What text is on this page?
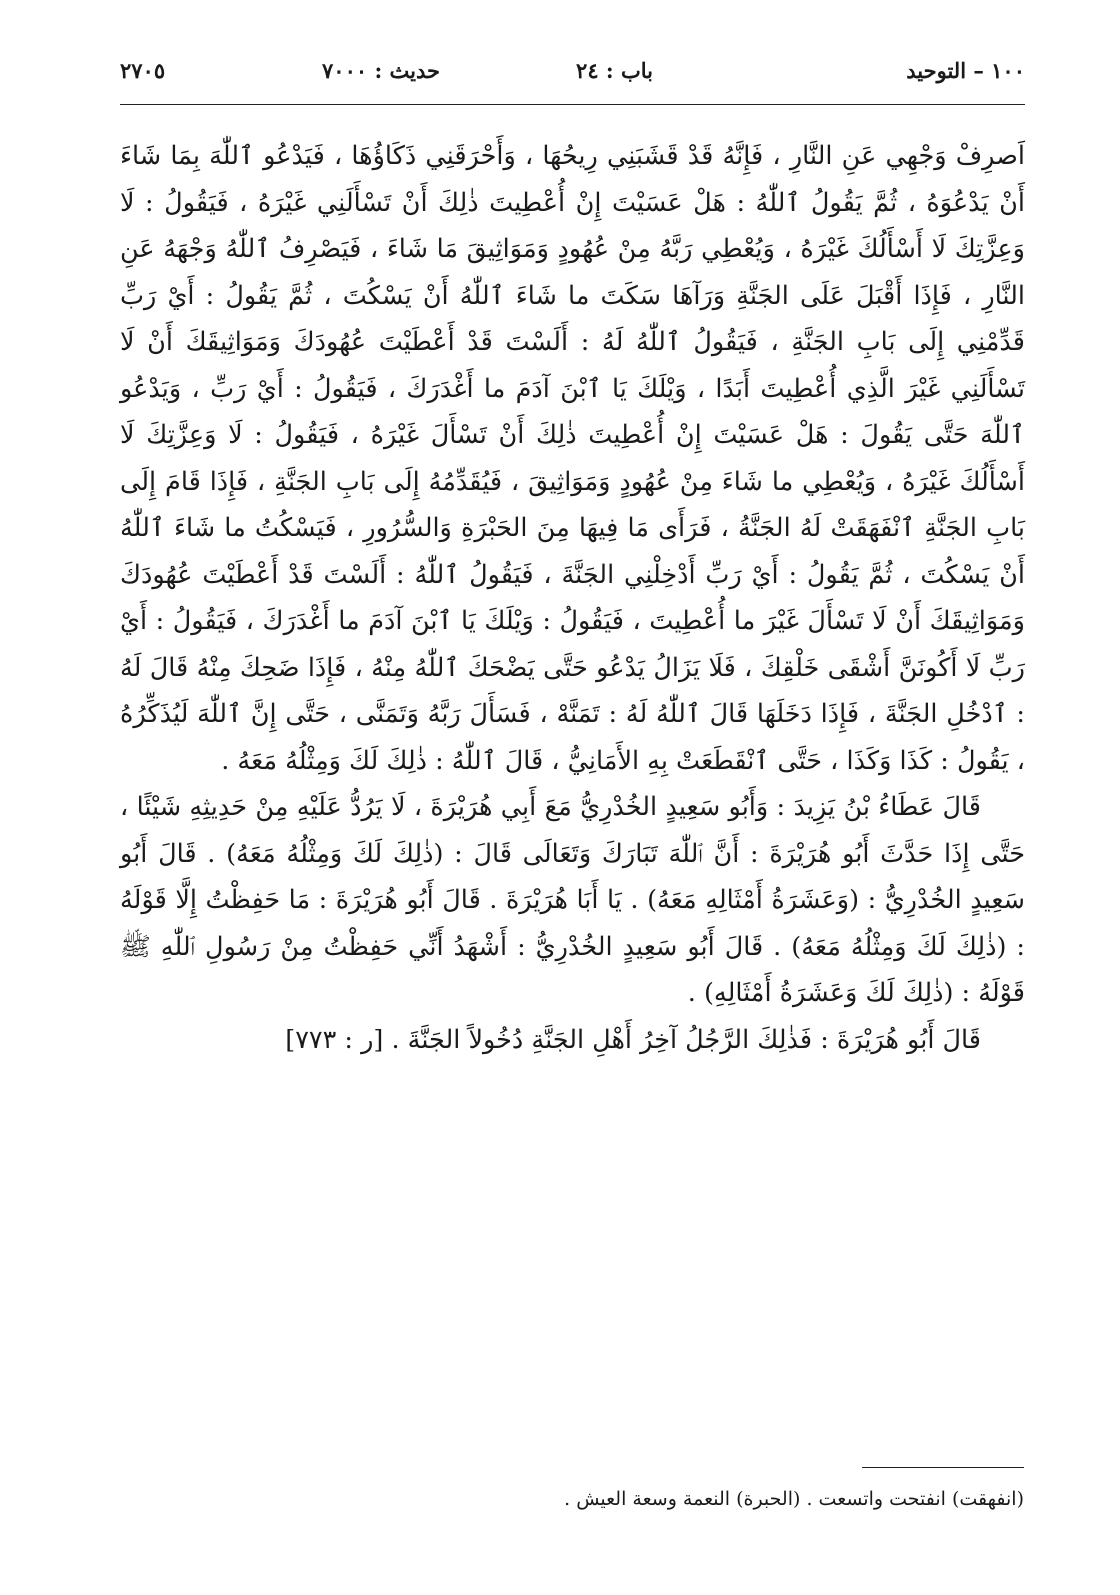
١٠٠ – التوحيد
باب : ٢٤
حديث : ٧٠٠٠
٢٧٠٥

اَصرِفْ وَجْهِي عَنِ النَّارِ ، فَإِنَّهُ قَدْ قَشَبَنِي رِيحُهَا ، وَأَحْرَقَنِي ذَكَاؤُهَا ، فَيَدْعُو ٱللّٰهَ بِمَا شَاءَ أَنْ يَدْعُوَهُ ، ثُمَّ يَقُولُ ٱللّٰهُ : هَلْ عَسَيْتَ إِنْ أُعْطِيتَ ذٰلِكَ أَنْ تَسْأَلَنِي غَيْرَهُ ، فَيَقُولُ : لَا وَعِزَّتِكَ لَا أَسْأَلُكَ غَيْرَهُ ، وَيُعْطِي رَبَّهُ مِنْ عُهُودٍ وَمَوَاثِيقَ مَا شَاءَ ، فَيَصْرِفُ ٱللّٰهُ وَجْهَهُ عَنِ النَّارِ ، فَإِذَا أَقْبَلَ عَلَى الجَنَّةِ وَرَآهَا سَكَتَ ما شَاءَ ٱللّٰهُ أَنْ يَسْكُتَ ، ثُمَّ يَقُولُ : أَيْ رَبِّ قَدِّمْنِي إِلَى بَابِ الجَنَّةِ ، فَيَقُولُ ٱللّٰهُ لَهُ : أَلَسْتَ قَدْ أَعْطَيْتَ عُهُودَكَ وَمَوَاثِيقَكَ أَنْ لَا تَسْأَلَنِي غَيْرَ الَّذِي أُعْطِيتَ أَبَدًا ، وَيْلَكَ يَا ٱبْنَ آدَمَ ما أَغْدَرَكَ ، فَيَقُولُ : أَيْ رَبِّ ، وَيَدْعُو ٱللّٰهَ حَتَّى يَقُولَ : هَلْ عَسَيْتَ إِنْ أُعْطِيتَ ذٰلِكَ أَنْ تَسْأَلَ غَيْرَهُ ، فَيَقُولُ : لَا وَعِزَّتِكَ لَا أَسْأَلُكَ غَيْرَهُ ، وَيُعْطِي ما شَاءَ مِنْ عُهُودٍ وَمَوَاثِيقَ ، فَيُقَدِّمُهُ إِلَى بَابِ الجَنَّةِ ، فَإِذَا قَامَ إِلَى بَابِ الجَنَّةِ ٱنْفَهَقَتْ لَهُ الجَنَّةُ ، فَرَأَى مَا فِيهَا مِنَ الحَبْرَةِ وَالسُّرُورِ ، فَيَسْكُتُ ما شَاءَ ٱللّٰهُ أَنْ يَسْكُتَ ، ثُمَّ يَقُولُ : أَيْ رَبِّ أَدْخِلْنِي الجَنَّةَ ، فَيَقُولُ ٱللّٰهُ : أَلَسْتَ قَدْ أَعْطَيْتَ عُهُودَكَ وَمَوَاثِيقَكَ أَنْ لَا تَسْأَلَ غَيْرَ ما أُعْطِيتَ ، فَيَقُولُ : وَيْلَكَ يَا ٱبْنَ آدَمَ ما أَغْدَرَكَ ، فَيَقُولُ : أَيْ رَبِّ لَا أَكُونَنَّ أَشْقَى خَلْقِكَ ، فَلَا يَزَالُ يَدْعُو حَتَّى يَضْحَكَ ٱللّٰهُ مِنْهُ ، فَإِذَا ضَحِكَ مِنْهُ قَالَ لَهُ : ٱدْخُلِ الجَنَّةَ ، فَإِذَا دَخَلَهَا قَالَ ٱللّٰهُ لَهُ : تَمَنَّهْ ، فَسَأَلَ رَبَّهُ وَتَمَنَّى ، حَتَّى إِنَّ ٱللّٰهَ لَيُذَكِّرُهُ ، يَقُولُ : كَذَا وَكَذَا ، حَتَّى ٱنْقَطَعَتْ بِهِ الأَمَانِيُّ ، قَالَ ٱللّٰهُ : ذٰلِكَ لَكَ وَمِثْلُهُ مَعَهُ .

قَالَ عَطَاءُ بْنُ يَزِيدَ : وَأَبُو سَعِيدٍ الخُدْرِيُّ مَعَ أَبِي هُرَيْرَةَ ، لَا يَرُدُّ عَلَيْهِ مِنْ حَدِيثِهِ شَيْئًا ، حَتَّى إِذَا حَدَّثَ أَبُو هُرَيْرَةَ : أَنَّ ٱللّٰهَ تَبَارَكَ وَتَعَالَى قَالَ : (ذٰلِكَ لَكَ وَمِثْلُهُ مَعَهُ) . قَالَ أَبُو سَعِيدٍ الخُدْرِيُّ : (وَعَشَرَةُ أَمْثَالِهِ مَعَهُ) . يَا أَبَا هُرَيْرَةَ . قَالَ أَبُو هُرَيْرَةَ : مَا حَفِظْتُ إِلَّا قَوْلَهُ : (ذٰلِكَ لَكَ وَمِثْلُهُ مَعَهُ) . قَالَ أَبُو سَعِيدٍ الخُدْرِيُّ : أَشْهَدُ أَنِّي حَفِظْتُ مِنْ رَسُولِ ٱللّٰهِ ﷺ قَوْلَهُ : (ذٰلِكَ لَكَ وَعَشَرَةُ أَمْثَالِهِ) .

قَالَ أَبُو هُرَيْرَةَ : فَذٰلِكَ الرَّجُلُ آخِرُ أَهْلِ الجَنَّةِ دُخُولاً الجَنَّةَ . [ر : ٧٧٣]

(انفهقت) انفتحت واتسعت . (الحبرة) النعمة وسعة العيش .
